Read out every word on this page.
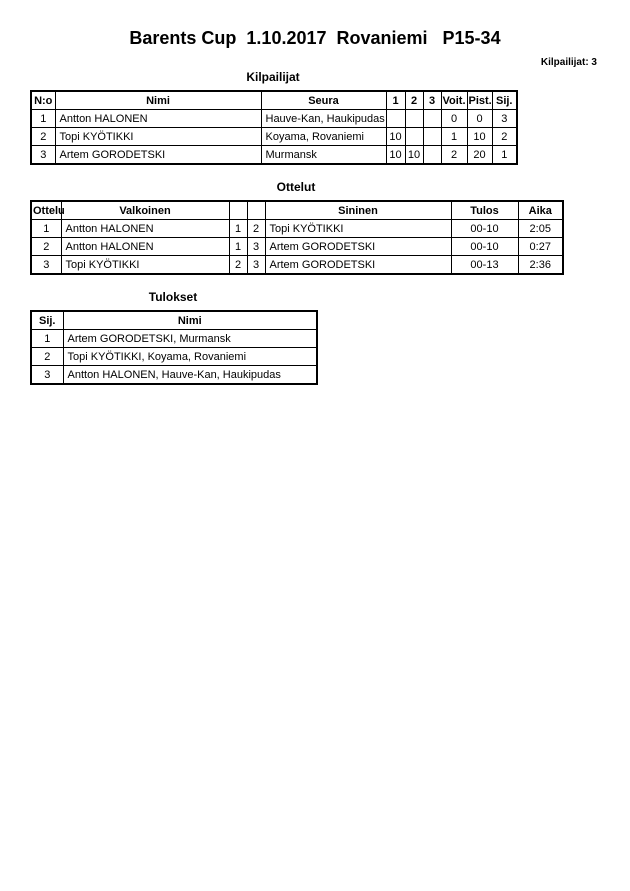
Barents Cup  1.10.2017  Rovaniemi   P15-34
Kilpailijat: 3
Kilpailijat
N:o	Nimi	Seura	1	2	3	Voit.	Pist.	Sij.
1	Antton HALONEN	Hauve-Kan, Haukipudas				0	0	3
2	Topi KYÖTIKKI	Koyama, Rovaniemi	10			1	10	2
3	Artem GORODETSKI	Murmansk	10	10		2	20	1
Ottelut
Ottelu	Valkoinen			Sininen	Tulos	Aika
1	Antton HALONEN	1	2	Topi KYÖTIKKI	00-10	2:05
2	Antton HALONEN	1	3	Artem GORODETSKI	00-10	0:27
3	Topi KYÖTIKKI	2	3	Artem GORODETSKI	00-13	2:36
Tulokset
Sij.	Nimi
1	Artem GORODETSKI, Murmansk
2	Topi KYÖTIKKI, Koyama, Rovaniemi
3	Antton HALONEN, Hauve-Kan, Haukipudas
